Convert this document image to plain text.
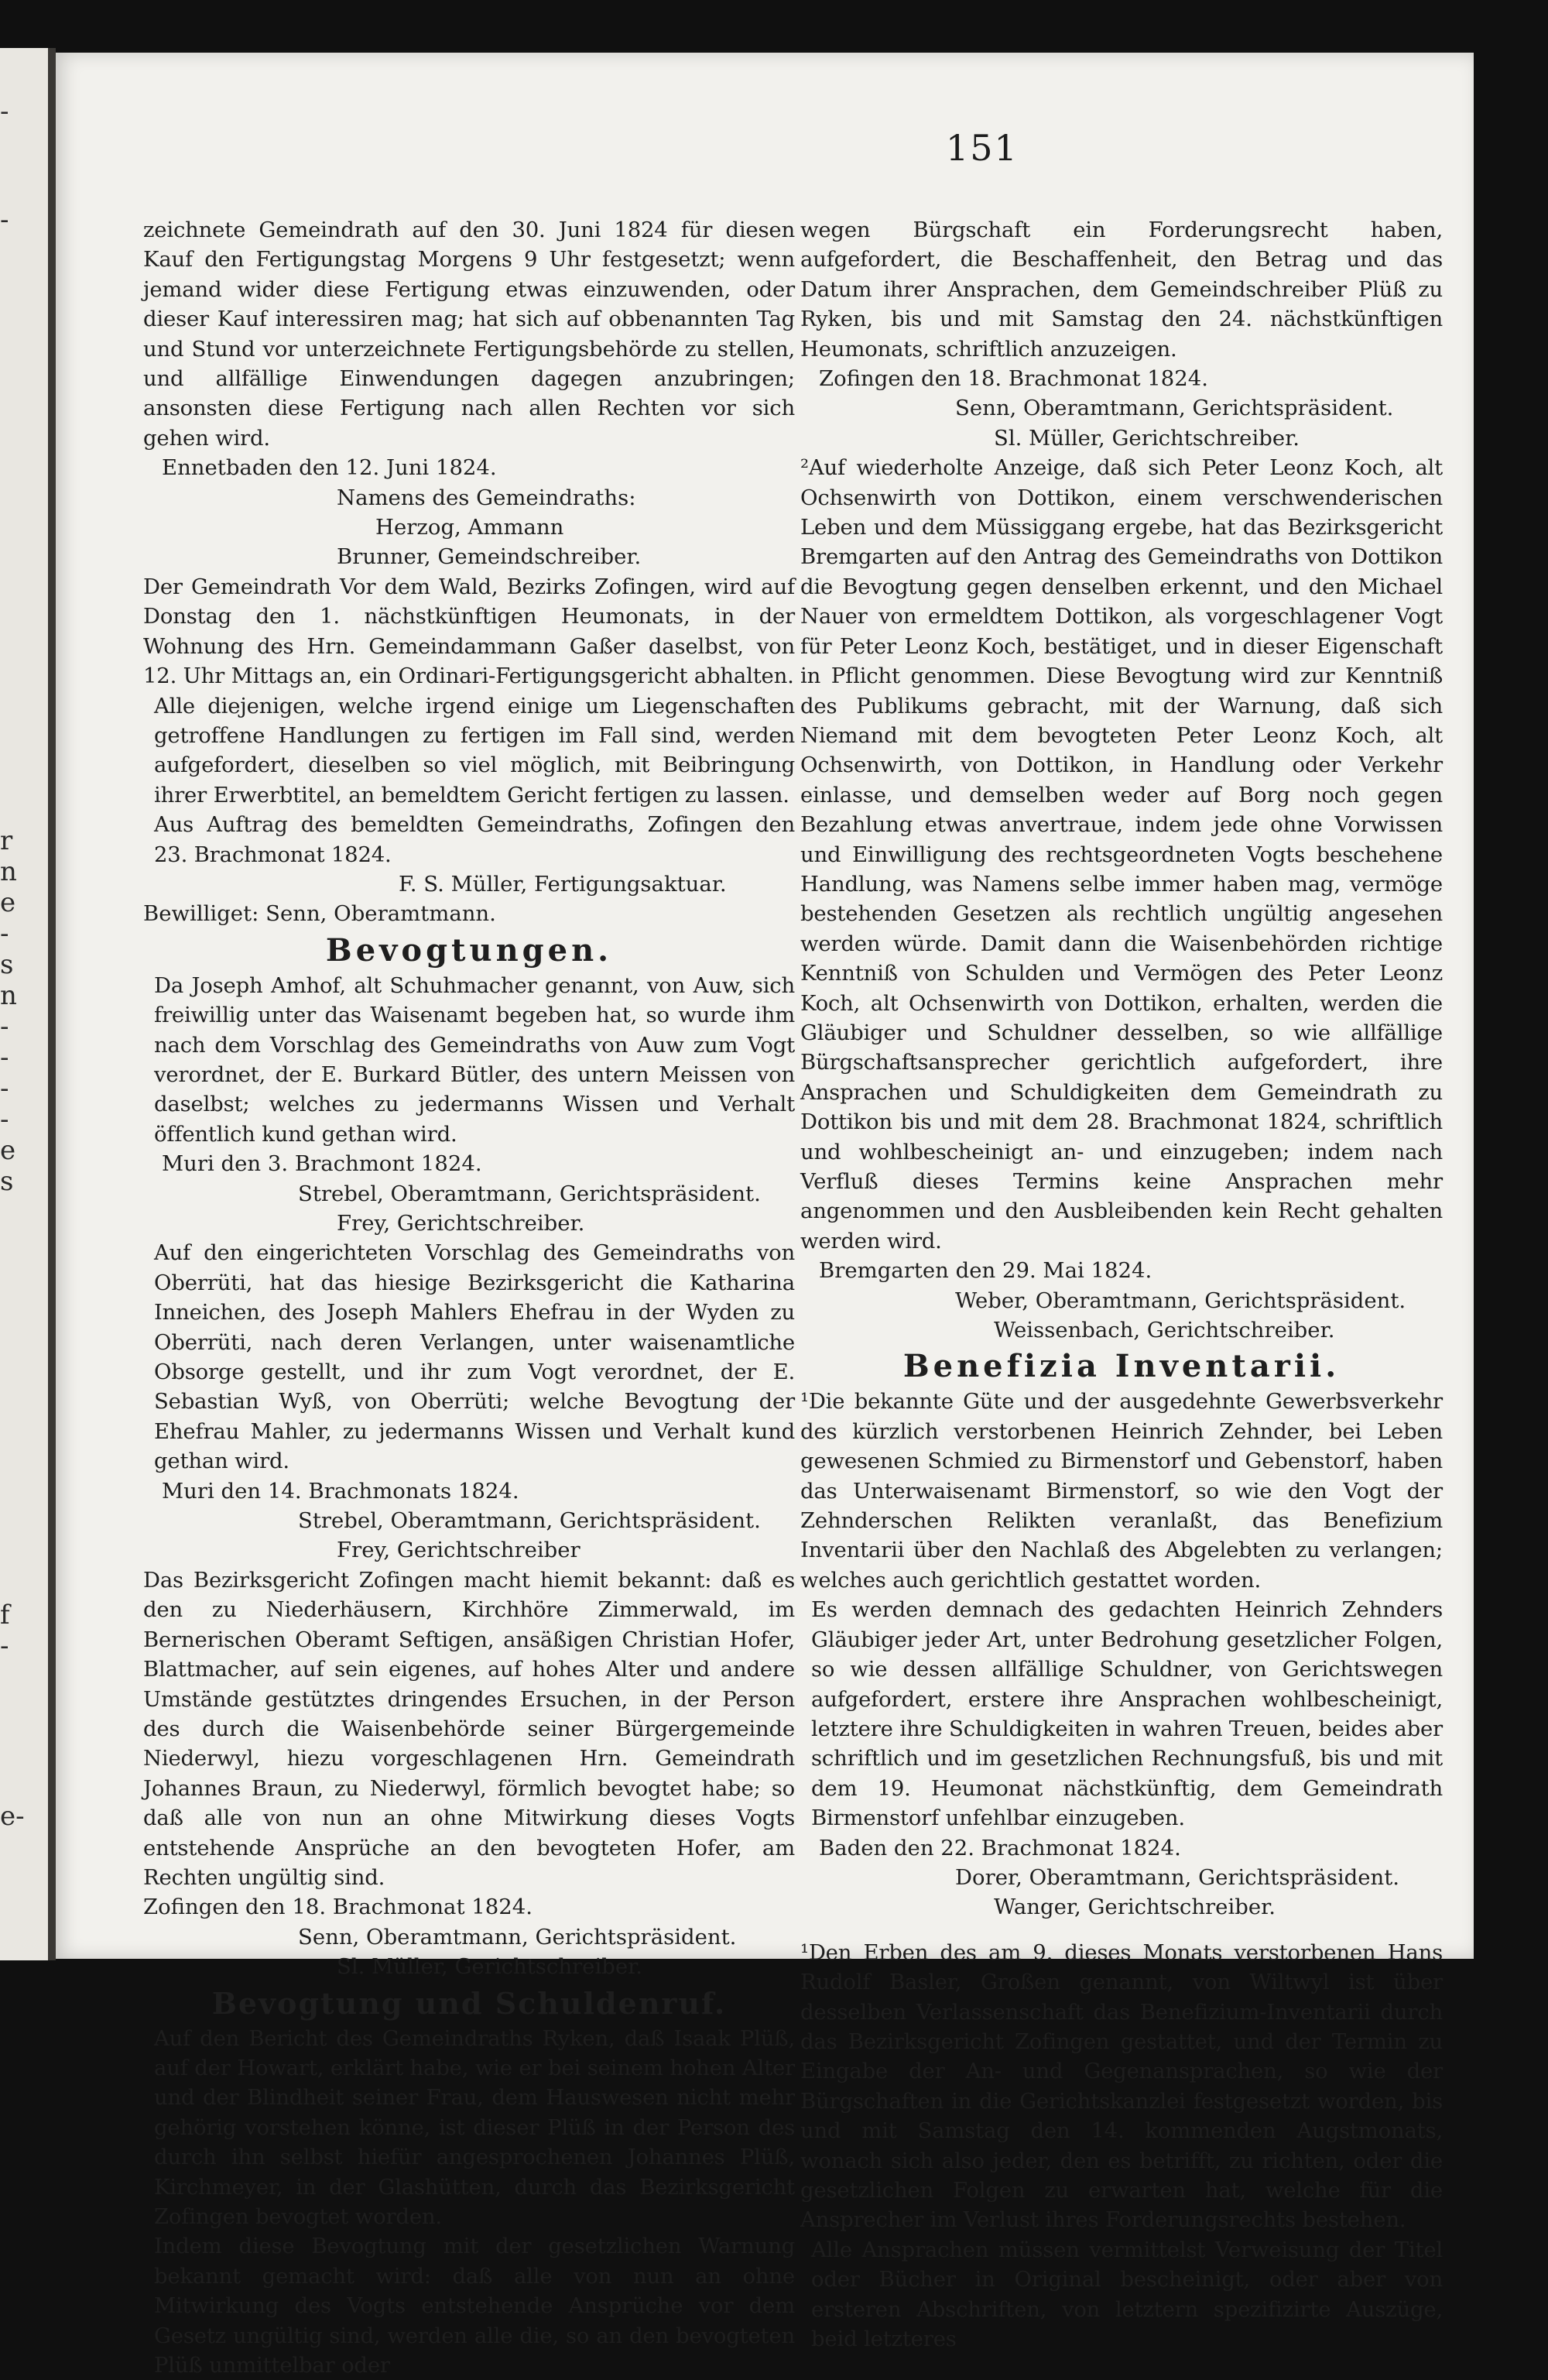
-
-
r
n
e
-
s
n
-
-
-
-
e
s
f
-
e-
151

zeichnete Gemeindrath auf den 30. Juni 1824 für diesen Kauf den Fertigungstag Morgens 9 Uhr festgesetzt; wenn jemand wider diese Fertigung etwas einzuwenden, oder dieser Kauf interessiren mag; hat sich auf obbenannten Tag und Stund vor unterzeichnete Fertigungsbehörde zu stellen, und allfällige Einwendungen dagegen anzubringen; ansonsten diese Fertigung nach allen Rechten vor sich gehen wird.

Ennetbaden den 12. Juni 1824.

Namens des Gemeindraths:

Herzog, Ammann

Brunner, Gemeindschreiber.

Der Gemeindrath Vor dem Wald, Bezirks Zofingen, wird auf Donstag den 1. nächstkünftigen Heumonats, in der Wohnung des Hrn. Gemeindammann Gaßer daselbst, von 12. Uhr Mittags an, ein Ordinari-Fertigungsgericht abhalten.

Alle diejenigen, welche irgend einige um Liegenschaften getroffene Handlungen zu fertigen im Fall sind, werden aufgefordert, dieselben so viel möglich, mit Beibringung ihrer Erwerbtitel, an bemeldtem Gericht fertigen zu lassen.

Aus Auftrag des bemeldten Gemeindraths, Zofingen den 23. Brachmonat 1824.

F. S. Müller, Fertigungsaktuar.

Bewilliget: Senn, Oberamtmann.

Bevogtungen.

Da Joseph Amhof, alt Schuhmacher genannt, von Auw, sich freiwillig unter das Waisenamt begeben hat, so wurde ihm nach dem Vorschlag des Gemeindraths von Auw zum Vogt verordnet, der E. Burkard Bütler, des untern Meissen von daselbst; welches zu jedermanns Wissen und Verhalt öffentlich kund gethan wird.

Muri den 3. Brachmont 1824.

Strebel, Oberamtmann, Gerichtspräsident.

Frey, Gerichtschreiber.

Auf den eingerichteten Vorschlag des Gemeindraths von Oberrüti, hat das hiesige Bezirksgericht die Katharina Inneichen, des Joseph Mahlers Ehefrau in der Wyden zu Oberrüti, nach deren Verlangen, unter waisenamtliche Obsorge gestellt, und ihr zum Vogt verordnet, der E. Sebastian Wyß, von Oberrüti; welche Bevogtung der Ehefrau Mahler, zu jedermanns Wissen und Verhalt kund gethan wird.

Muri den 14. Brachmonats 1824.

Strebel, Oberamtmann, Gerichtspräsident.

Frey, Gerichtschreiber

Das Bezirksgericht Zofingen macht hiemit bekannt: daß es den zu Niederhäusern, Kirchhöre Zimmerwald, im Bernerischen Oberamt Seftigen, ansäßigen Christian Hofer, Blattmacher, auf sein eigenes, auf hohes Alter und andere Umstände gestütztes dringendes Ersuchen, in der Person des durch die Waisenbehörde seiner Bürgergemeinde Niederwyl, hiezu vorgeschlagenen Hrn. Gemeindrath Johannes Braun, zu Niederwyl, förmlich bevogtet habe; so daß alle von nun an ohne Mitwirkung dieses Vogts entstehende Ansprüche an den bevogteten Hofer, am Rechten ungültig sind.

Zofingen den 18. Brachmonat 1824.

Senn, Oberamtmann, Gerichtspräsident.

Sl. Müller, Gerichtschreiber.

Bevogtung und Schuldenruf.

Auf den Bericht des Gemeindraths Ryken, daß Isaak Plüß, auf der Howart, erklärt habe, wie er bei seinem hohen Alter und der Blindheit seiner Frau, dem Hauswesen nicht mehr gehörig vorstehen könne, ist dieser Plüß in der Person des durch ihn selbst hiefür angesprochenen Johannes Plüß, Kirchmeyer, in der Glashütten, durch das Bezirksgericht Zofingen bevogtet worden.

Indem diese Bevogtung mit der gesetzlichen Warnung bekannt gemacht wird: daß alle von nun an ohne Mitwirkung des Vogts entstehende Ansprüche vor dem Gesetz ungültig sind, werden alle die, so an den bevogteten Plüß unmittelbar oder

wegen Bürgschaft ein Forderungsrecht haben, aufgefordert, die Beschaffenheit, den Betrag und das Datum ihrer Ansprachen, dem Gemeindschreiber Plüß zu Ryken, bis und mit Samstag den 24. nächstkünftigen Heumonats, schriftlich anzuzeigen.

Zofingen den 18. Brachmonat 1824.

Senn, Oberamtmann, Gerichtspräsident.

Sl. Müller, Gerichtschreiber.

²Auf wiederholte Anzeige, daß sich Peter Leonz Koch, alt Ochsenwirth von Dottikon, einem verschwenderischen Leben und dem Müssiggang ergebe, hat das Bezirksgericht Bremgarten auf den Antrag des Gemeindraths von Dottikon die Bevogtung gegen denselben erkennt, und den Michael Nauer von ermeldtem Dottikon, als vorgeschlagener Vogt für Peter Leonz Koch, bestätiget, und in dieser Eigenschaft in Pflicht genommen. Diese Bevogtung wird zur Kenntniß des Publikums gebracht, mit der Warnung, daß sich Niemand mit dem bevogteten Peter Leonz Koch, alt Ochsenwirth, von Dottikon, in Handlung oder Verkehr einlasse, und demselben weder auf Borg noch gegen Bezahlung etwas anvertraue, indem jede ohne Vorwissen und Einwilligung des rechtsgeordneten Vogts beschehene Handlung, was Namens selbe immer haben mag, vermöge bestehenden Gesetzen als rechtlich ungültig angesehen werden würde. Damit dann die Waisenbehörden richtige Kenntniß von Schulden und Vermögen des Peter Leonz Koch, alt Ochsenwirth von Dottikon, erhalten, werden die Gläubiger und Schuldner desselben, so wie allfällige Bürgschaftsansprecher gerichtlich aufgefordert, ihre Ansprachen und Schuldigkeiten dem Gemeindrath zu Dottikon bis und mit dem 28. Brachmonat 1824, schriftlich und wohlbescheinigt an- und einzugeben; indem nach Verfluß dieses Termins keine Ansprachen mehr angenommen und den Ausbleibenden kein Recht gehalten werden wird.

Bremgarten den 29. Mai 1824.

Weber, Oberamtmann, Gerichtspräsident.

Weissenbach, Gerichtschreiber.

Benefizia Inventarii.

¹Die bekannte Güte und der ausgedehnte Gewerbsverkehr des kürzlich verstorbenen Heinrich Zehnder, bei Leben gewesenen Schmied zu Birmenstorf und Gebenstorf, haben das Unterwaisenamt Birmenstorf, so wie den Vogt der Zehnderschen Relikten veranlaßt, das Benefizium Inventarii über den Nachlaß des Abgelebten zu verlangen; welches auch gerichtlich gestattet worden.

Es werden demnach des gedachten Heinrich Zehnders Gläubiger jeder Art, unter Bedrohung gesetzlicher Folgen, so wie dessen allfällige Schuldner, von Gerichtswegen aufgefordert, erstere ihre Ansprachen wohlbescheinigt, letztere ihre Schuldigkeiten in wahren Treuen, beides aber schriftlich und im gesetzlichen Rechnungsfuß, bis und mit dem 19. Heumonat nächstkünftig, dem Gemeindrath Birmenstorf unfehlbar einzugeben.

Baden den 22. Brachmonat 1824.

Dorer, Oberamtmann, Gerichtspräsident.

Wanger, Gerichtschreiber.

¹Den Erben des am 9. dieses Monats verstorbenen Hans Rudolf Basler, Großen genannt, von Wiltwyl ist über desselben Verlassenschaft das Benefizium-Inventarii durch das Bezirksgericht Zofingen gestattet, und der Termin zu Eingabe der An- und Gegenansprachen, so wie der Bürgschaften in die Gerichtskanzlei festgesetzt worden, bis und mit Samstag den 14. kommenden Augstmonats, wonach sich also jeder, den es betrifft, zu richten, oder die gesetzlichen Folgen zu erwarten hat, welche für die Ansprecher im Verlust ihres Forderungsrechts bestehen.

Alle Ansprachen müssen vermittelst Verweisung der Titel oder Bücher in Original bescheinigt, oder aber von ersteren Abschriften, von letztern spezifizirte Auszüge, beid letzteres
